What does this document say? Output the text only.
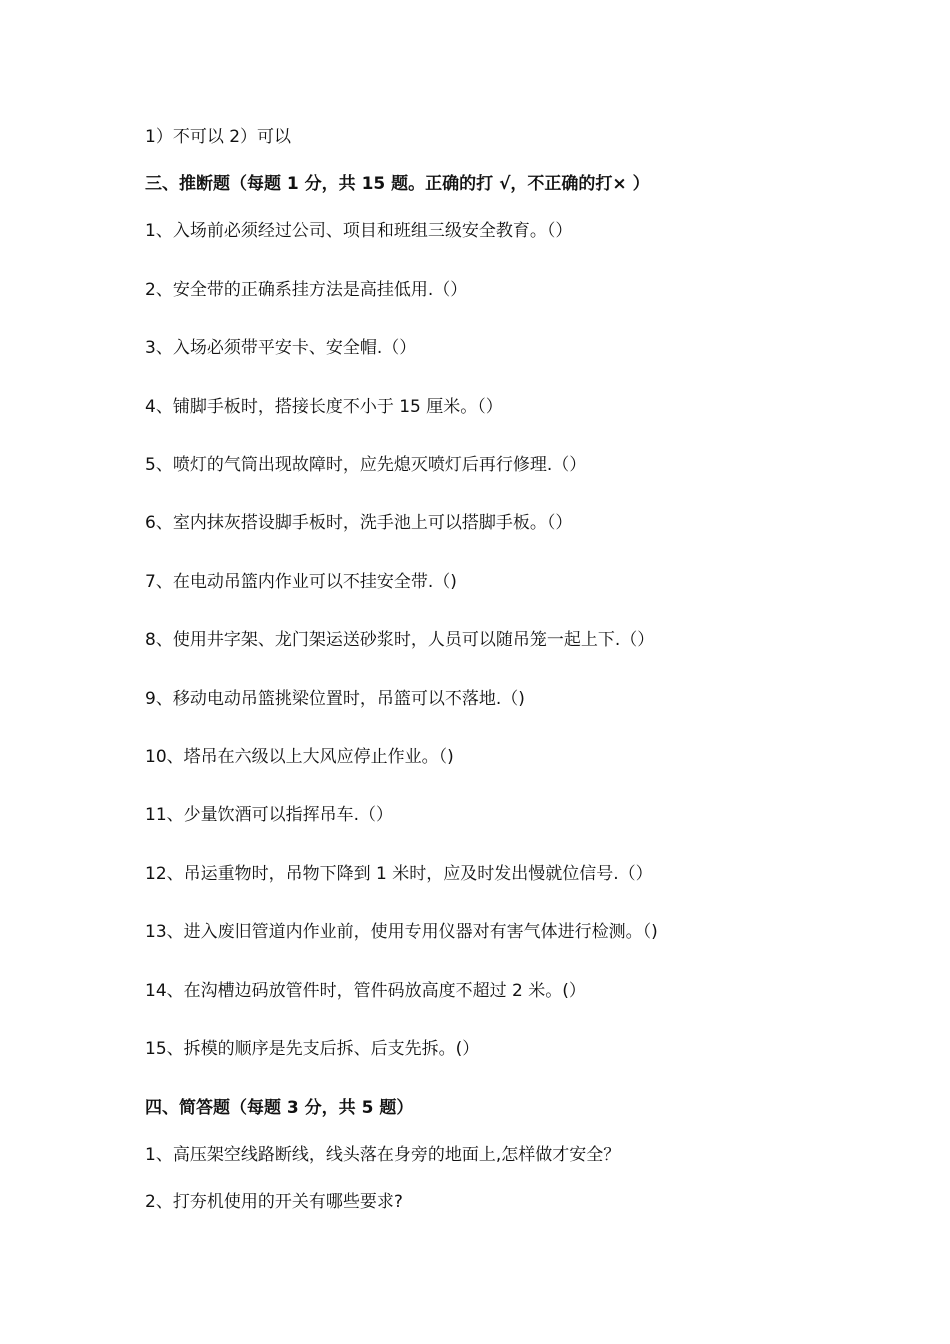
1）不可以 2）可以
三、推断题（每题 1 分，共 15 题。正确的打 √，不正确的打× ）
1、入场前必须经过公司、项目和班组三级安全教育。（）
2、安全带的正确系挂方法是高挂低用.（）
3、入场必须带平安卡、安全帽.（）
4、铺脚手板时，搭接长度不小于 15 厘米。（）
5、喷灯的气筒出现故障时，应先熄灭喷灯后再行修理.（）
6、室内抹灰搭设脚手板时，洗手池上可以搭脚手板。（）
7、在电动吊篮内作业可以不挂安全带.（)
8、使用井字架、龙门架运送砂浆时，人员可以随吊笼一起上下.（）
9、移动电动吊篮挑梁位置时，吊篮可以不落地.（)
10、塔吊在六级以上大风应停止作业。（)
11、少量饮酒可以指挥吊车.（）
12、吊运重物时，吊物下降到 1 米时，应及时发出慢就位信号.（）
13、进入废旧管道内作业前，使用专用仪器对有害气体进行检测。（)
14、在沟槽边码放管件时，管件码放高度不超过 2 米。(）
15、拆模的顺序是先支后拆、后支先拆。(）
四、简答题（每题 3 分，共 5 题）
1、高压架空线路断线，线头落在身旁的地面上,怎样做才安全？
2、打夯机使用的开关有哪些要求?
